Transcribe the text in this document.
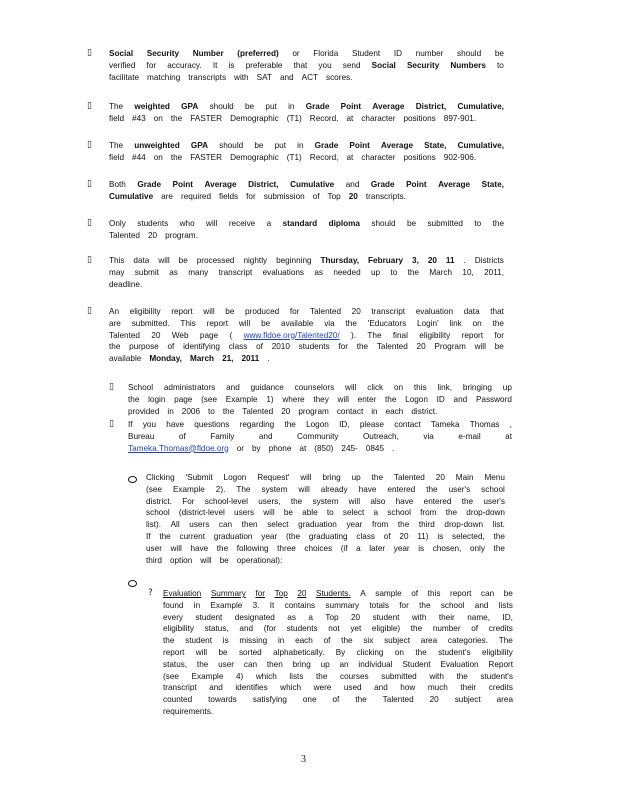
▯ Social Security Number (preferred) or Florida Student ID number should be
verified for accuracy. It is preferable that you send Social Security Numbers to
facilitate matching transcripts with SAT and ACT scores.
▯ The weighted GPA should be put in Grade Point Average District, Cumulative,
field #43 on the FASTER Demographic (T1) Record, at character positions 897-901.
▯ The unweighted GPA should be put in Grade Point Average State, Cumulative,
field #44 on the FASTER Demographic (T1) Record, at character positions 902-906.
▯ Both Grade Point Average District, Cumulative and Grade Point Average State,
Cumulative are required fields for submission of Top 20 transcripts.
▯ Only students who will receive a standard diploma should be submitted to the
Talented 20 program.
▯ This data will be processed nightly beginning Thursday, February 3, 20 11 . Districts
may submit as many transcript evaluations as needed up to the March 10, 2011,
deadline.
▯ An eligibility report will be produced for Talented 20 transcript evaluation data that
are submitted. This report will be available via the 'Educators Login' link on the
Talented 20 Web page ( www.fldoe.org/Talented20/ ). The final eligibility report for
the purpose of identifying class of 2010 students for the Talented 20 Program will be
available Monday, March 21, 2011 .
▯ School administrators and guidance counselors will click on this link, bringing up
the login page (see Example 1) where they will enter the Logon ID and Password
provided in 2006 to the Talented 20 program contact in each district.
▯ If you have questions regarding the Logon ID, please contact Tameka Thomas ,
Bureau	of	Family	and	Community	Outreach,	via	e-mail	at
Tameka.Thomas@fldoe.org or by phone at (850) 245- 0845 .
Clicking 'Submit Logon Request' will bring up the Talented 20 Main Menu
(see Example 2). The system will already have entered the user's school
district. For school-level users, the system will also have entered the user's
school (district-level users will be able to select a school from the drop-down
list). All users can then select graduation year from the third drop-down list.
If the current graduation year (the graduating class of 20 11) is selected, the
user will have the following three choices (if a later year is chosen, only the
third option will be operational):
? Evaluation Summary for Top 20 Students. A sample of this report can be
found in Example 3. It contains summary totals for the school and lists
every student designated as a Top 20 student with their name, ID,
eligibility status, and (for students not yet eligible) the number of credits
the student is missing in each of the six subject area categories. The
report will be sorted alphabetically. By clicking on the student's eligibility
status, the user can then bring up an individual Student Evaluation Report
(see Example 4) which lists the courses submitted with the student's
transcript and identifies which were used and how much their credits
counted towards satisfying one of the Talented 20 subject area
requirements.
3
